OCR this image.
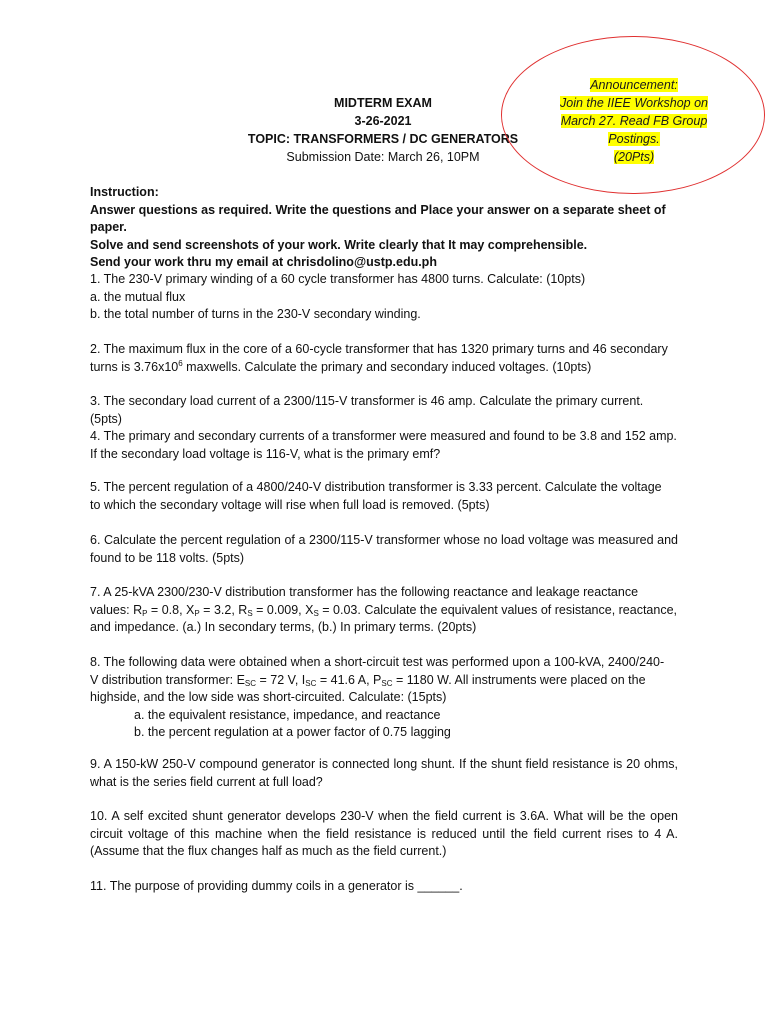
MIDTERM EXAM
3-26-2021
TOPIC: TRANSFORMERS / DC GENERATORS
Submission Date: March 26, 10PM
Announcement:
Join the IIEE Workshop on
March 27. Read FB Group
Postings.
(20Pts)
Instruction:
Answer questions as required. Write the questions and Place your answer on a separate sheet of paper.
Solve and send screenshots of your work. Write clearly that It may comprehensible.
Send your work thru my email at chrisdolino@ustp.edu.ph
1. The 230-V primary winding of a 60 cycle transformer has 4800 turns. Calculate: (10pts)
a. the mutual flux
b. the total number of turns in the 230-V secondary winding.
2. The maximum flux in the core of a 60-cycle transformer that has 1320 primary turns and 46 secondary
turns is $3.76x10^6$ maxwells. Calculate the primary and secondary induced voltages. (10pts)
3. The secondary load current of a 2300/115-V transformer is 46 amp. Calculate the primary current. (5pts)
4. The primary and secondary currents of a transformer were measured and found to be 3.8 and 152 amp.
If the secondary load voltage is 116-V, what is the primary emf?
5. The percent regulation of a 4800/240-V distribution transformer is 3.33 percent. Calculate the voltage
to which the secondary voltage will rise when full load is removed. (5pts)
6. Calculate the percent regulation of a 2300/115-V transformer whose no load voltage was measured and found to be 118 volts. (5pts)
7. A 25-kVA 2300/230-V distribution transformer has the following reactance and leakage reactance
values: $R_P = 0.8$, $X_P = 3.2$, $R_S = 0.009$, $X_S = 0.03$. Calculate the equivalent values of resistance, reactance,
and impedance. (a.) In secondary terms, (b.) In primary terms. (20pts)
8. The following data were obtained when a short-circuit test was performed upon a 100-kVA, 2400/240-
V distribution transformer: $E_{SC} = 72$ V, $I_{SC} = 41.6$ A, $P_{SC} = 1180$ W. All instruments were placed on the
highside, and the low side was short-circuited. Calculate: (15pts)
a. the equivalent resistance, impedance, and reactance
b. the percent regulation at a power factor of 0.75 lagging
9. A 150-kW 250-V compound generator is connected long shunt. If the shunt field resistance is 20 ohms, what is the series field current at full load?
10. A self excited shunt generator develops 230-V when the field current is 3.6A. What will be the open circuit voltage of this machine when the field resistance is reduced until the field current rises to 4 A. (Assume that the flux changes half as much as the field current.)
11. The purpose of providing dummy coils in a generator is ______.
